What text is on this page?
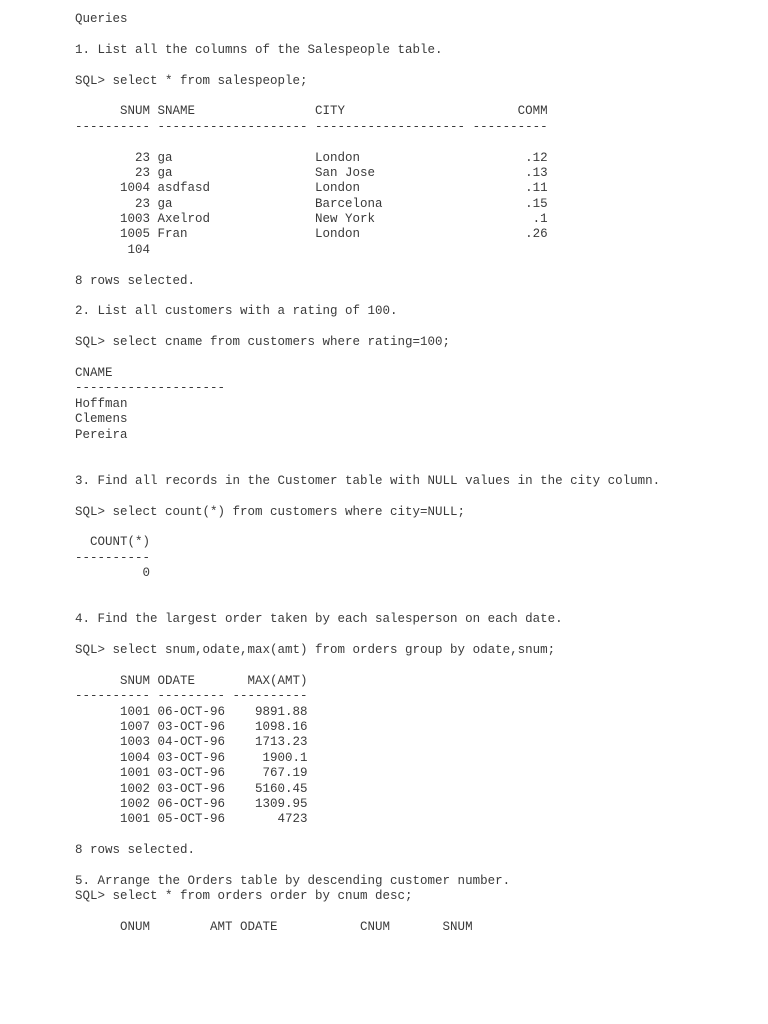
Queries
1. List all the columns of the Salespeople table.
SQL> select * from salespeople;
SNUM SNAME                CITY                       COMM
---------- -------------------- -------------------- ----------
23 ga                   London                      .12
23 ga                   San Jose                    .13
1004 asdfasd              London                      .11
23 ga                   Barcelona                   .15
1003 Axelrod              New York                     .1
1005 Fran                 London                      .26
104
8 rows selected.
2. List all customers with a rating of 100.
SQL> select cname from customers where rating=100;
CNAME
--------------------
Hoffman
Clemens
Pereira
3. Find all records in the Customer table with NULL values in the city column.
SQL> select count(*) from customers where city=NULL;
COUNT(*)
----------
0
4. Find the largest order taken by each salesperson on each date.
SQL> select snum,odate,max(amt) from orders group by odate,snum;
SNUM ODATE       MAX(AMT)
---------- --------- ----------
1001 06-OCT-96    9891.88
1007 03-OCT-96    1098.16
1003 04-OCT-96    1713.23
1004 03-OCT-96     1900.1
1001 03-OCT-96     767.19
1002 03-OCT-96    5160.45
1002 06-OCT-96    1309.95
1001 05-OCT-96       4723
8 rows selected.
5. Arrange the Orders table by descending customer number.
SQL> select * from orders order by cnum desc;
ONUM        AMT ODATE           CNUM       SNUM
